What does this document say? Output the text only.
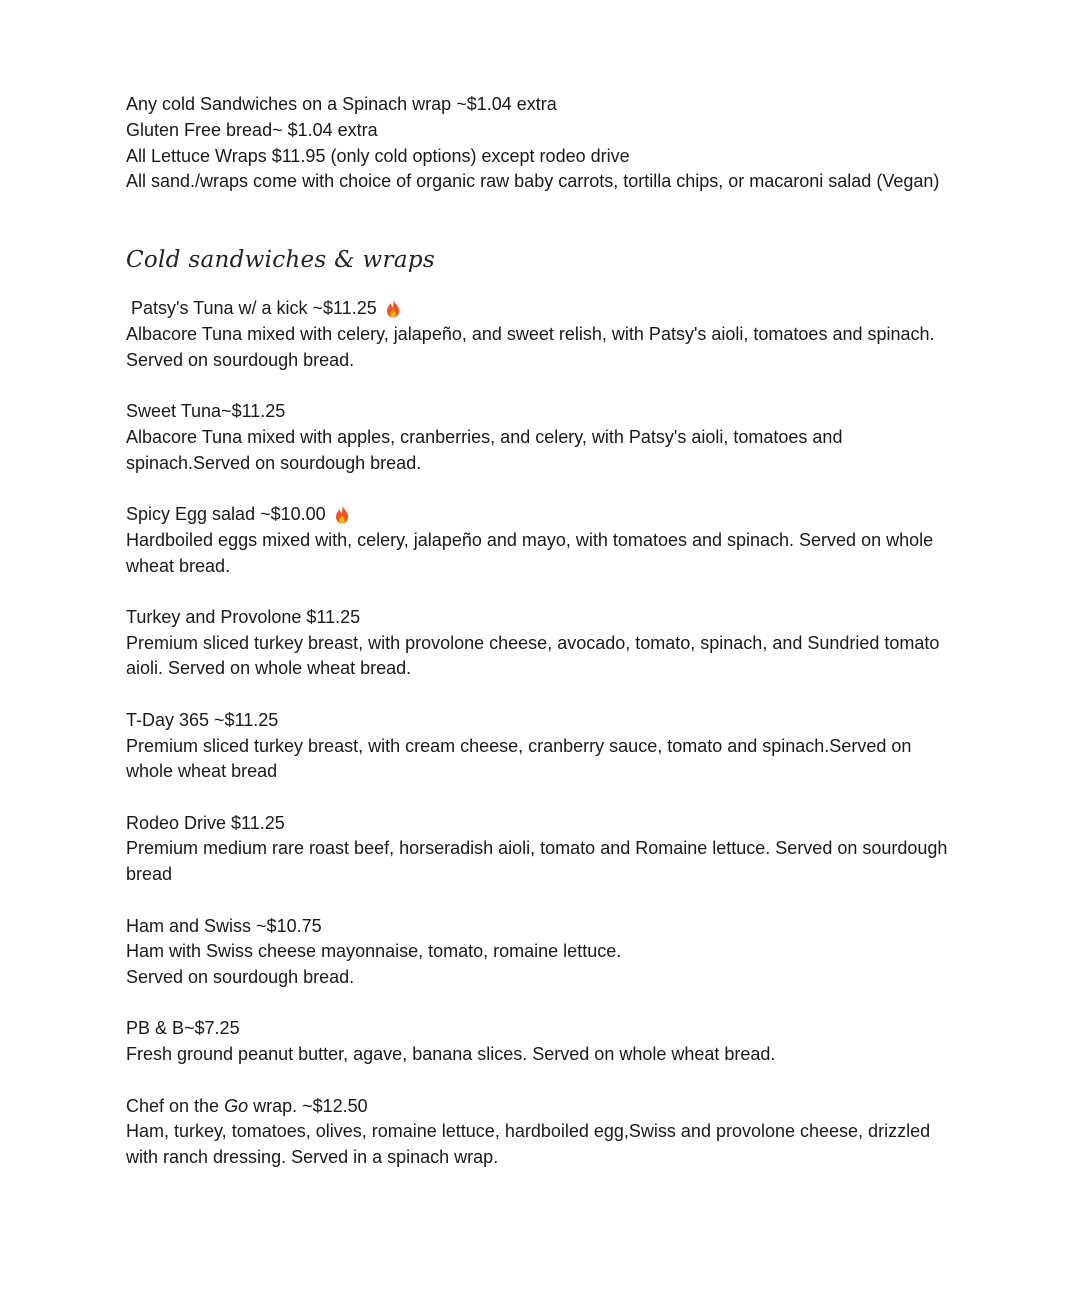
Any cold Sandwiches on a Spinach wrap ~$1.04 extra

Gluten Free bread~ $1.04 extra

All Lettuce Wraps $11.95 (only cold options) except rodeo drive

All sand./wraps come with choice of organic raw baby carrots, tortilla chips, or macaroni salad (Vegan)

Cold sandwiches & wraps

Patsy's Tuna w/ a kick ~$11.25

Albacore Tuna mixed with celery, jalapeño, and sweet relish, with Patsy's aioli, tomatoes and spinach. Served on sourdough bread.

Sweet Tuna~$11.25

Albacore Tuna mixed with apples, cranberries, and celery, with Patsy's aioli, tomatoes and spinach.Served on sourdough bread.

Spicy Egg salad ~$10.00

Hardboiled eggs mixed with, celery, jalapeño and mayo, with tomatoes and spinach. Served on whole wheat bread.

Turkey and Provolone $11.25

Premium sliced turkey breast, with provolone cheese, avocado, tomato, spinach, and Sundried tomato aioli. Served on whole wheat bread.

T-Day 365 ~$11.25

Premium sliced turkey breast, with cream cheese, cranberry sauce, tomato and spinach.Served on whole wheat bread

Rodeo Drive $11.25

Premium medium rare roast beef, horseradish aioli, tomato and Romaine lettuce. Served on sourdough bread

Ham and Swiss ~$10.75

Ham with Swiss cheese mayonnaise, tomato, romaine lettuce.

Served on sourdough bread.

PB & B~$7.25

Fresh ground peanut butter, agave, banana slices. Served on whole wheat bread.

Chef on the Go wrap. ~$12.50

Ham, turkey, tomatoes, olives, romaine lettuce, hardboiled egg,Swiss and provolone cheese, drizzled with ranch dressing. Served in a spinach wrap.
